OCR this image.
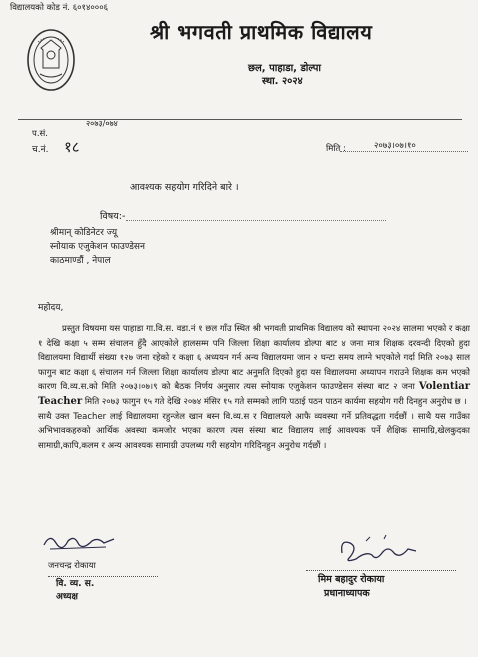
विद्यालयको कोड नं. ६०१४०००६
श्री भगवती प्राथमिक विद्यालय
छल, पाहाडा, डोल्पा
स्था. २०२४
२०७३/०७४
प.सं.
च.नं. १८	मिति :
	२०७३।०७।१०
आवश्यक सहयोग गरिदिने बारे ।
विषय:-
श्रीमान् कोडिनेटर ज्यू
स्नोयाक एजुकेशन फाउण्डेसन
काठमाण्डौं , नेपाल
महोदय,

प्रस्तुत विषयमा यस पाहाडा गा.वि.स. वडा.नं १ छल गाँउ स्थित श्री भगवती प्राथमिक विद्यालय को स्थापना २०२४ सालमा भएको र कक्षा १ देखि कक्षा ५ सम्म संचालन हुँदै आएकोले हालसम्म पनि जिल्ला शिक्षा कार्यालय डोल्पा बाट ४ जना मात्र शिक्षक दरवन्दी दिएको हुदा विद्यालयमा विद्यार्थी संख्या १२७ जना रहेको र कक्षा ६ अध्ययन गर्न अन्य विद्यालयमा जान २ घन्टा समय लाग्ने भएकोले गर्दा मिति २०७३ साल फागुन बाट कक्षा ६ संचालन गर्न जिल्ला शिक्षा कार्यालय डोल्पा बाट अनुमति दिएको हुदा यस विद्यालयमा अध्यापन गराउने शिक्षक कम भएकोे कारण वि.व्य.स.को मिति २०७३।०७।९ को बैठक निर्णय अनुसार त्यस स्नोयाक एजुकेशन फाउण्डेसन संस्था बाट २ जना Volentiar Teacher मिति २०७३ फागुन १५ गते देखि २०७४ मंसिर १५ गते सम्मको लागि पठाई पठन पाठन कार्यमा सहयोग गरी दिनहुन अनुरोध छ ।

साथै उक्त Teacher लाई विद्यालयमा रहुन्जेल खान बस्न वि.व्य.स र विद्यालयले आफै व्यवस्था गर्ने प्रतिवद्धता गर्दछौं । साथै यस गाउँका अभिभावकहरुको आर्थिक अवस्था कमजोर भएका कारण त्यस संस्था बाट विद्यालय लाई आवश्यक पर्ने शैक्षिक सामाग्रि,खेलकुदका सामाग्री,कापि,कलम र अन्य आवश्यक सामाग्री उपलब्ध गरी सहयोग गरिदिनहुन अनुरोध गर्दछौं ।

जनचन्द्र रोकाया
वि. व्य. स.
अध्यक्ष
मिम बहादुर रोकाया
प्रधानाध्यापक
